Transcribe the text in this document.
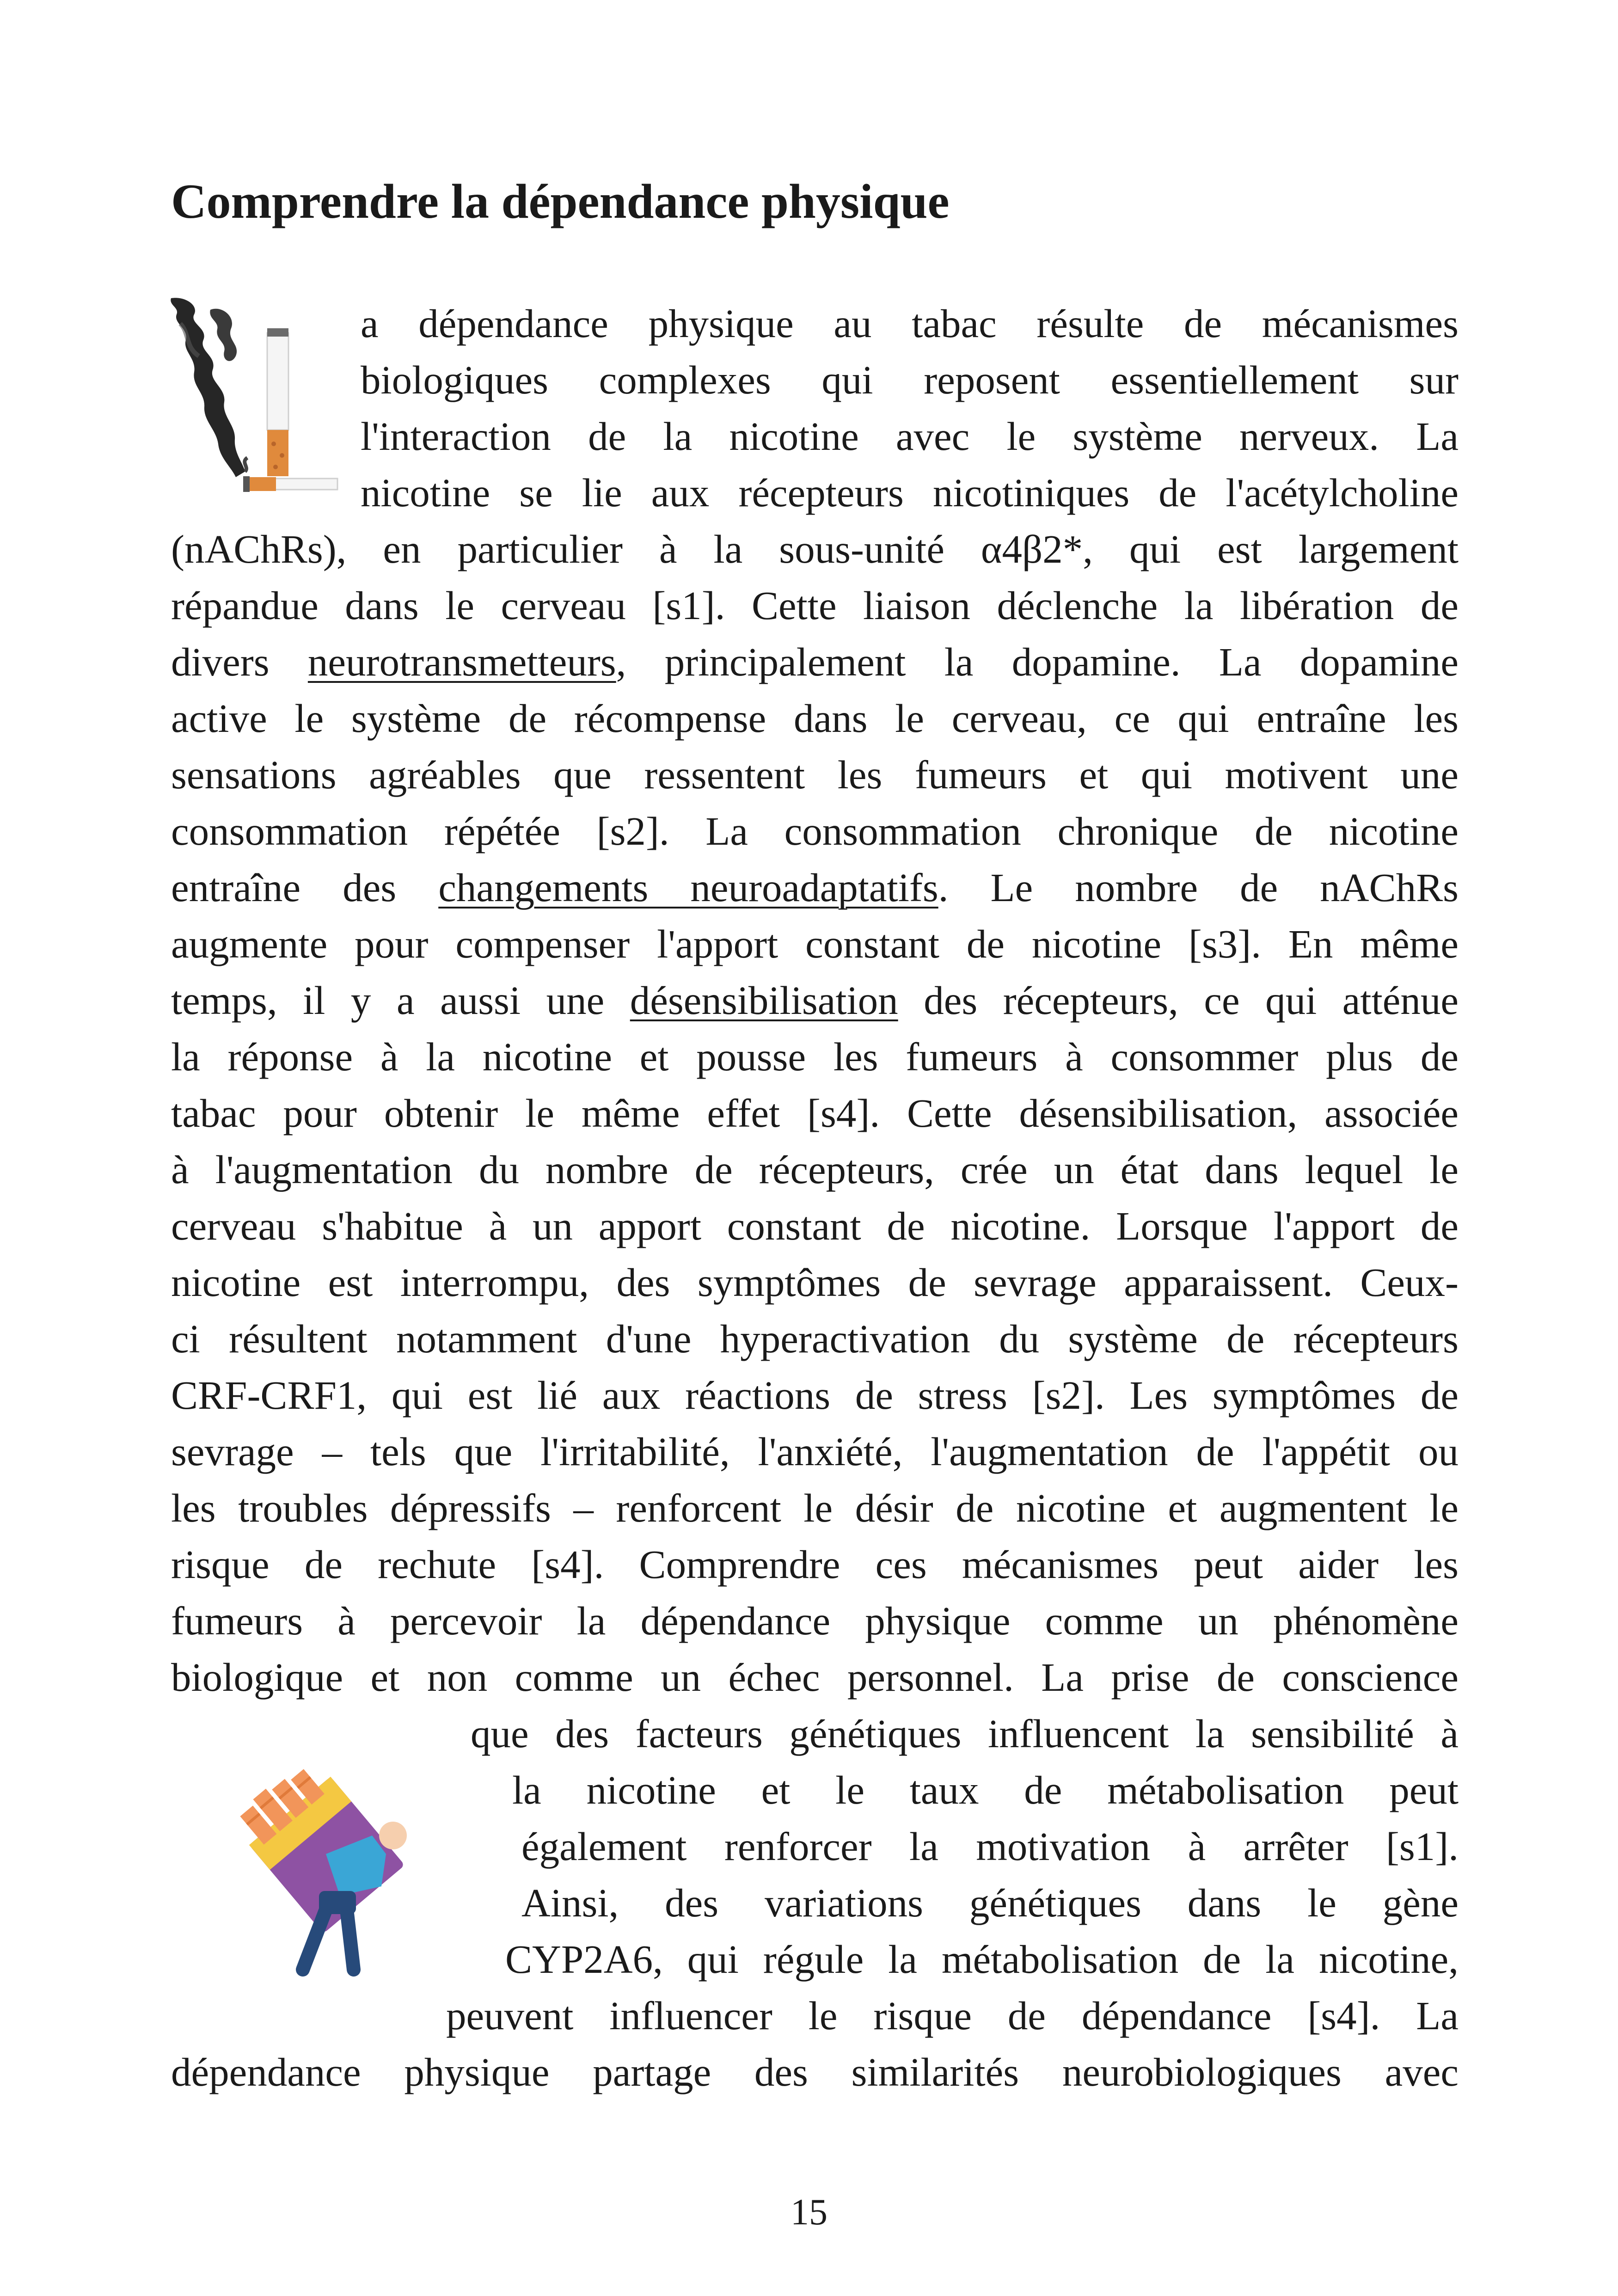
Comprendre la dépendance physique
a dépendance physique au tabac résulte de mécanismes
biologiques complexes qui reposent essentiellement sur
l'interaction de la nicotine avec le système nerveux. La
nicotine se lie aux récepteurs nicotiniques de l'acétylcholine
(nAChRs), en particulier à la sous-unité α4β2*, qui est largement
répandue dans le cerveau [s1]. Cette liaison déclenche la libération de
divers neurotransmetteurs, principalement la dopamine. La dopamine
active le système de récompense dans le cerveau, ce qui entraîne les
sensations agréables que ressentent les fumeurs et qui motivent une
consommation répétée [s2]. La consommation chronique de nicotine
entraîne des changements neuroadaptatifs. Le nombre de nAChRs
augmente pour compenser l'apport constant de nicotine [s3]. En même
temps, il y a aussi une désensibilisation des récepteurs, ce qui atténue
la réponse à la nicotine et pousse les fumeurs à consommer plus de
tabac pour obtenir le même effet [s4]. Cette désensibilisation, associée
à l'augmentation du nombre de récepteurs, crée un état dans lequel le
cerveau s'habitue à un apport constant de nicotine. Lorsque l'apport de
nicotine est interrompu, des symptômes de sevrage apparaissent. Ceux-
ci résultent notamment d'une hyperactivation du système de récepteurs
CRF-CRF1, qui est lié aux réactions de stress [s2]. Les symptômes de
sevrage – tels que l'irritabilité, l'anxiété, l'augmentation de l'appétit ou
les troubles dépressifs – renforcent le désir de nicotine et augmentent le
risque de rechute [s4]. Comprendre ces mécanismes peut aider les
fumeurs à percevoir la dépendance physique comme un phénomène
biologique et non comme un échec personnel. La prise de conscience
que des facteurs génétiques influencent la sensibilité à
la nicotine et le taux de métabolisation peut
également renforcer la motivation à arrêter [s1].
Ainsi, des variations génétiques dans le gène
CYP2A6, qui régule la métabolisation de la nicotine,
peuvent influencer le risque de dépendance [s4]. La
dépendance physique partage des similarités neurobiologiques avec
15
